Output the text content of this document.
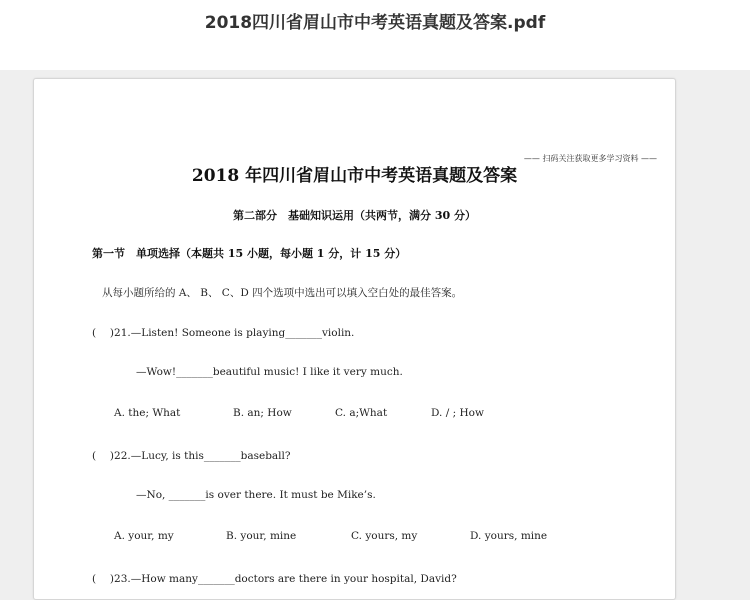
2018四川省眉山市中考英语真题及答案.pdf
—— 扫码关注获取更多学习资料 ——
2018 年四川省眉山市中考英语真题及答案
第二部分　基础知识运用（共两节，满分 30 分）
第一节　单项选择（本题共 15 小题，每小题 1 分，计 15 分）
从每小题所给的 A、 B、 C、D 四个选项中选出可以填入空白处的最佳答案。
(　 )21.—Listen! Someone is playing_______violin.
—Wow!_______beautiful music! I like it very much.
A. the; What	B. an; How	C. a;What	D. / ; How
(　 )22.—Lucy, is this_______baseball?
—No, _______is over there. It must be Mike’s.
A. your, my	B. your, mine	C. yours, my	D. yours, mine
(　 )23.—How many_______doctors are there in your hospital, David?
